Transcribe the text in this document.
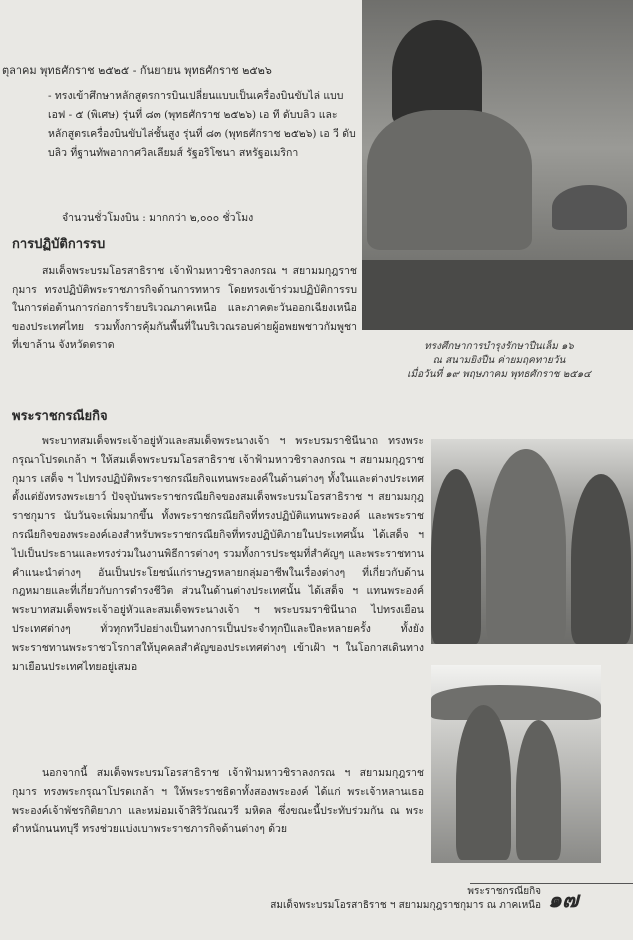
ตุลาคม พุทธศักราช ๒๕๒๕ - กันยายน พุทธศักราช ๒๕๒๖
- ทรงเข้าศึกษาหลักสูตรการบินเปลี่ยนแบบเป็นเครื่องบินขับไล่ แบบ เอฟ - ๕ (พิเศษ) รุ่นที่ ๘๓ (พุทธศักราช ๒๕๒๖) เอ ที ดับบลิว และหลักสูตรเครื่องบินขับไล่ชั้นสูง รุ่นที่ ๘๓ (พุทธศักราช ๒๕๒๖) เอ วี ดับบลิว ที่ฐานทัพอากาศวิลเลียมส์ รัฐอริโซนา สหรัฐอเมริกา
จำนวนชั่วโมงบิน : มากกว่า ๒,๐๐๐ ชั่วโมง
การปฏิบัติการรบ
สมเด็จพระบรมโอรสาธิราช เจ้าฟ้ามหาวชิราลงกรณ ฯ สยามมกุฎราชกุมาร ทรงปฏิบัติพระราชภารกิจด้านการทหาร โดยทรงเข้าร่วมปฏิบัติการรบในการต่อต้านการก่อการร้ายบริเวณภาคเหนือ และภาคตะวันออกเฉียงเหนือของประเทศไทย รวมทั้งการคุ้มกันพื้นที่ในบริเวณรอบค่ายผู้อพยพชาวกัมพูชาที่เขาล้าน จังหวัดตราด	ทรงศึกษาการบำรุงรักษาปืนเล็ม ๑๖
ณ สนามยิงปืน ค่ายมฤคทายวัน
เมื่อวันที่ ๑๙ พฤษภาคม พุทธศักราช ๒๕๑๔
พระราชกรณียกิจ
พระบาทสมเด็จพระเจ้าอยู่หัวและสมเด็จพระนางเจ้า ฯ พระบรมราชินีนาถ ทรงพระกรุณาโปรดเกล้า ฯ ให้สมเด็จพระบรมโอรสาธิราช เจ้าฟ้ามหาวชิราลงกรณ ฯ สยามมกุฎราชกุมาร เสด็จ ฯ ไปทรงปฏิบัติพระราชกรณียกิจแทนพระองค์ในด้านต่างๆ ทั้งในและต่างประเทศตั้งแต่ยังทรงพระเยาว์ ปัจจุบันพระราชกรณียกิจของสมเด็จพระบรมโอรสาธิราช ฯ สยามมกุฎราชกุมาร นับวันจะเพิ่มมากขึ้น ทั้งพระราชกรณียกิจที่ทรงปฏิบัติแทนพระองค์ และพระราชกรณียกิจของพระองค์เองสำหรับพระราชกรณียกิจที่ทรงปฏิบัติภายในประเทศนั้น ได้เสด็จ ฯ ไปเป็นประธานและทรงร่วมในงานพิธีการต่างๆ รวมทั้งการประชุมที่สำคัญๆ และพระราชทานคำแนะนำต่างๆ อันเป็นประโยชน์แก่ราษฎรหลายกลุ่มอาชีพในเรื่องต่างๆ ที่เกี่ยวกับด้านกฎหมายและที่เกี่ยวกับการดำรงชีวิต ส่วนในด้านต่างประเทศนั้น ได้เสด็จ ฯ แทนพระองค์พระบาทสมเด็จพระเจ้าอยู่หัวและสมเด็จพระนางเจ้า ฯ พระบรมราชินีนาถ ไปทรงเยือนประเทศต่างๆ ทั่วทุกทวีปอย่างเป็นทางการเป็นประจำทุกปีและปีละหลายครั้ง ทั้งยังพระราชทานพระราชวโรกาสให้บุคคลสำคัญของประเทศต่างๆ เข้าเฝ้า ฯ ในโอกาสเดินทางมาเยือนประเทศไทยอยู่เสมอ
นอกจากนี้ สมเด็จพระบรมโอรสาธิราช เจ้าฟ้ามหาวชิราลงกรณ ฯ สยามมกุฎราชกุมาร ทรงพระกรุณาโปรดเกล้า ฯ ให้พระราชธิดาทั้งสองพระองค์ ได้แก่ พระเจ้าหลานเธอ พระองค์เจ้าพัชรกิติยาภา และหม่อมเจ้าสิริวัณณวรี มหิดล ซึ่งขณะนี้ประทับร่วมกัน ณ พระตำหนักนนทบุรี ทรงช่วยแบ่งเบาพระราชภารกิจด้านต่างๆ ด้วย
พระราชกรณียกิจ
สมเด็จพระบรมโอรสาธิราช ฯ สยามมกุฎราชกุมาร ณ ภาคเหนือ ๑๗
